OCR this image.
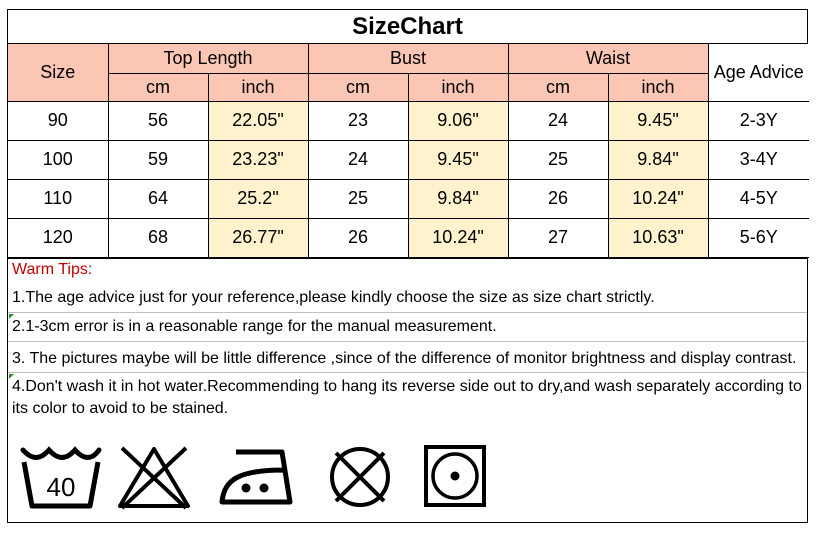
SizeChart
Size	Top Length		Bust		Waist		Age Advice
	cm	inch	cm	inch	cm	inch	
90	56	22.05"	23	9.06"	24	9.45"	2-3Y
100	59	23.23"	24	9.45"	25	9.84"	3-4Y
110	64	25.2"	25	9.84"	26	10.24"	4-5Y
120	68	26.77"	26	10.24"	27	10.63"	5-6Y
Warm Tips:
1.The age advice just for your reference,please kindly choose the size as size chart strictly.
2.1-3cm error is in a reasonable range for the manual measurement.
3. The pictures maybe will be little difference ,since of the difference of monitor brightness and display contrast.
4.Don't wash it in hot water.Recommending to hang its reverse side out to dry,and wash separately according to its color to avoid to be stained.
40
